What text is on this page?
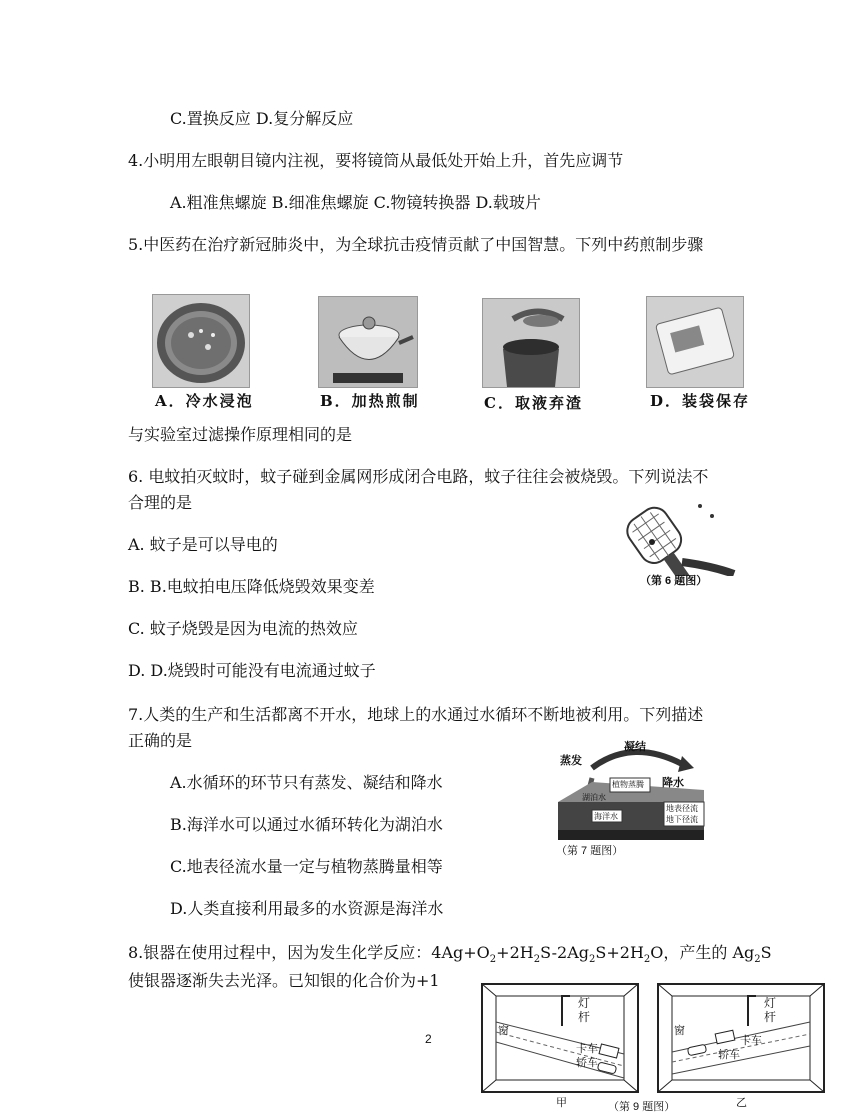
C.置换反应 D.复分解反应
4.小明用左眼朝目镜内注视，要将镜筒从最低处开始上升，首先应调节
A.粗准焦螺旋 B.细准焦螺旋 C.物镜转换器 D.载玻片
5.中医药在治疗新冠肺炎中，为全球抗击疫情贡献了中国智慧。下列中药煎制步骤
A．冷水浸泡	B．加热煎制	C．取液弃渣	D．装袋保存
与实验室过滤操作原理相同的是
6. 电蚊拍灭蚊时，蚊子碰到金属网形成闭合电路，蚊子往往会被烧毁。下列说法不
合理的是
（第 6 题图）
A. 蚊子是可以导电的
B. B.电蚊拍电压降低烧毁效果变差
C. 蚊子烧毁是因为电流的热效应
D. D.烧毁时可能没有电流通过蚊子
7.人类的生产和生活都离不开水，地球上的水通过水循环不断地被利用。下列描述
正确的是	凝结
蒸发
降水
植物蒸腾
湖泊水
海洋水
地表径流
地下径流
（第 7 题图）
A.水循环的环节只有蒸发、凝结和降水
B.海洋水可以通过水循环转化为湖泊水
C.地表径流水量一定与植物蒸腾量相等
D.人类直接利用最多的水资源是海洋水
8.银器在使用过程中，因为发生化学反应：$4Ag+O_2+2H_2S-2Ag_2S+2H_2O$，产生的 $Ag_2S$
使银器逐渐失去光泽。已知银的化合价为+1
2
窗
灯杆
卡车
轿车
甲
窗
灯杆
卡车
轿车
乙
（第 9 题图）
